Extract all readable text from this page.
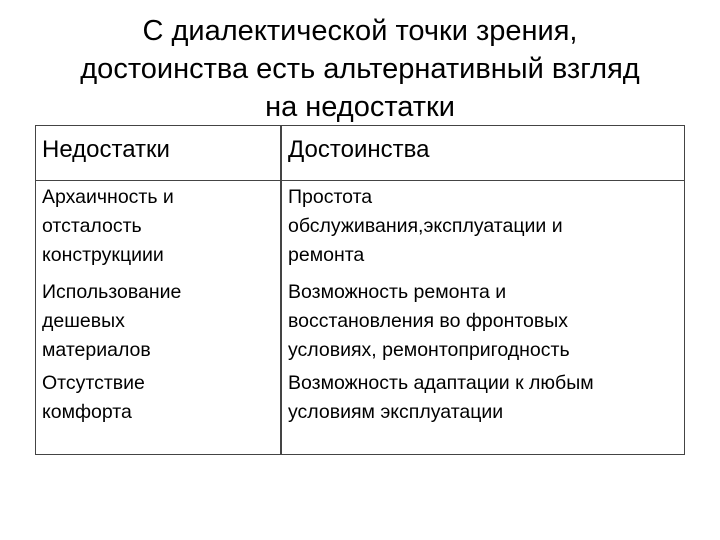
С диалектической точки зрения,
достоинства есть альтернативный взгляд
на недостатки
Недостатки	Достоинства
Архаичность и
отсталость
конструкциии
Простота
обслуживания,эксплуатации и
ремонта
Использование
дешевых
материалов
Возможность ремонта и
восстановления во фронтовых
условиях, ремонтопригодность
Отсутствие
комфорта
Возможность адаптации к любым
условиям эксплуатации
